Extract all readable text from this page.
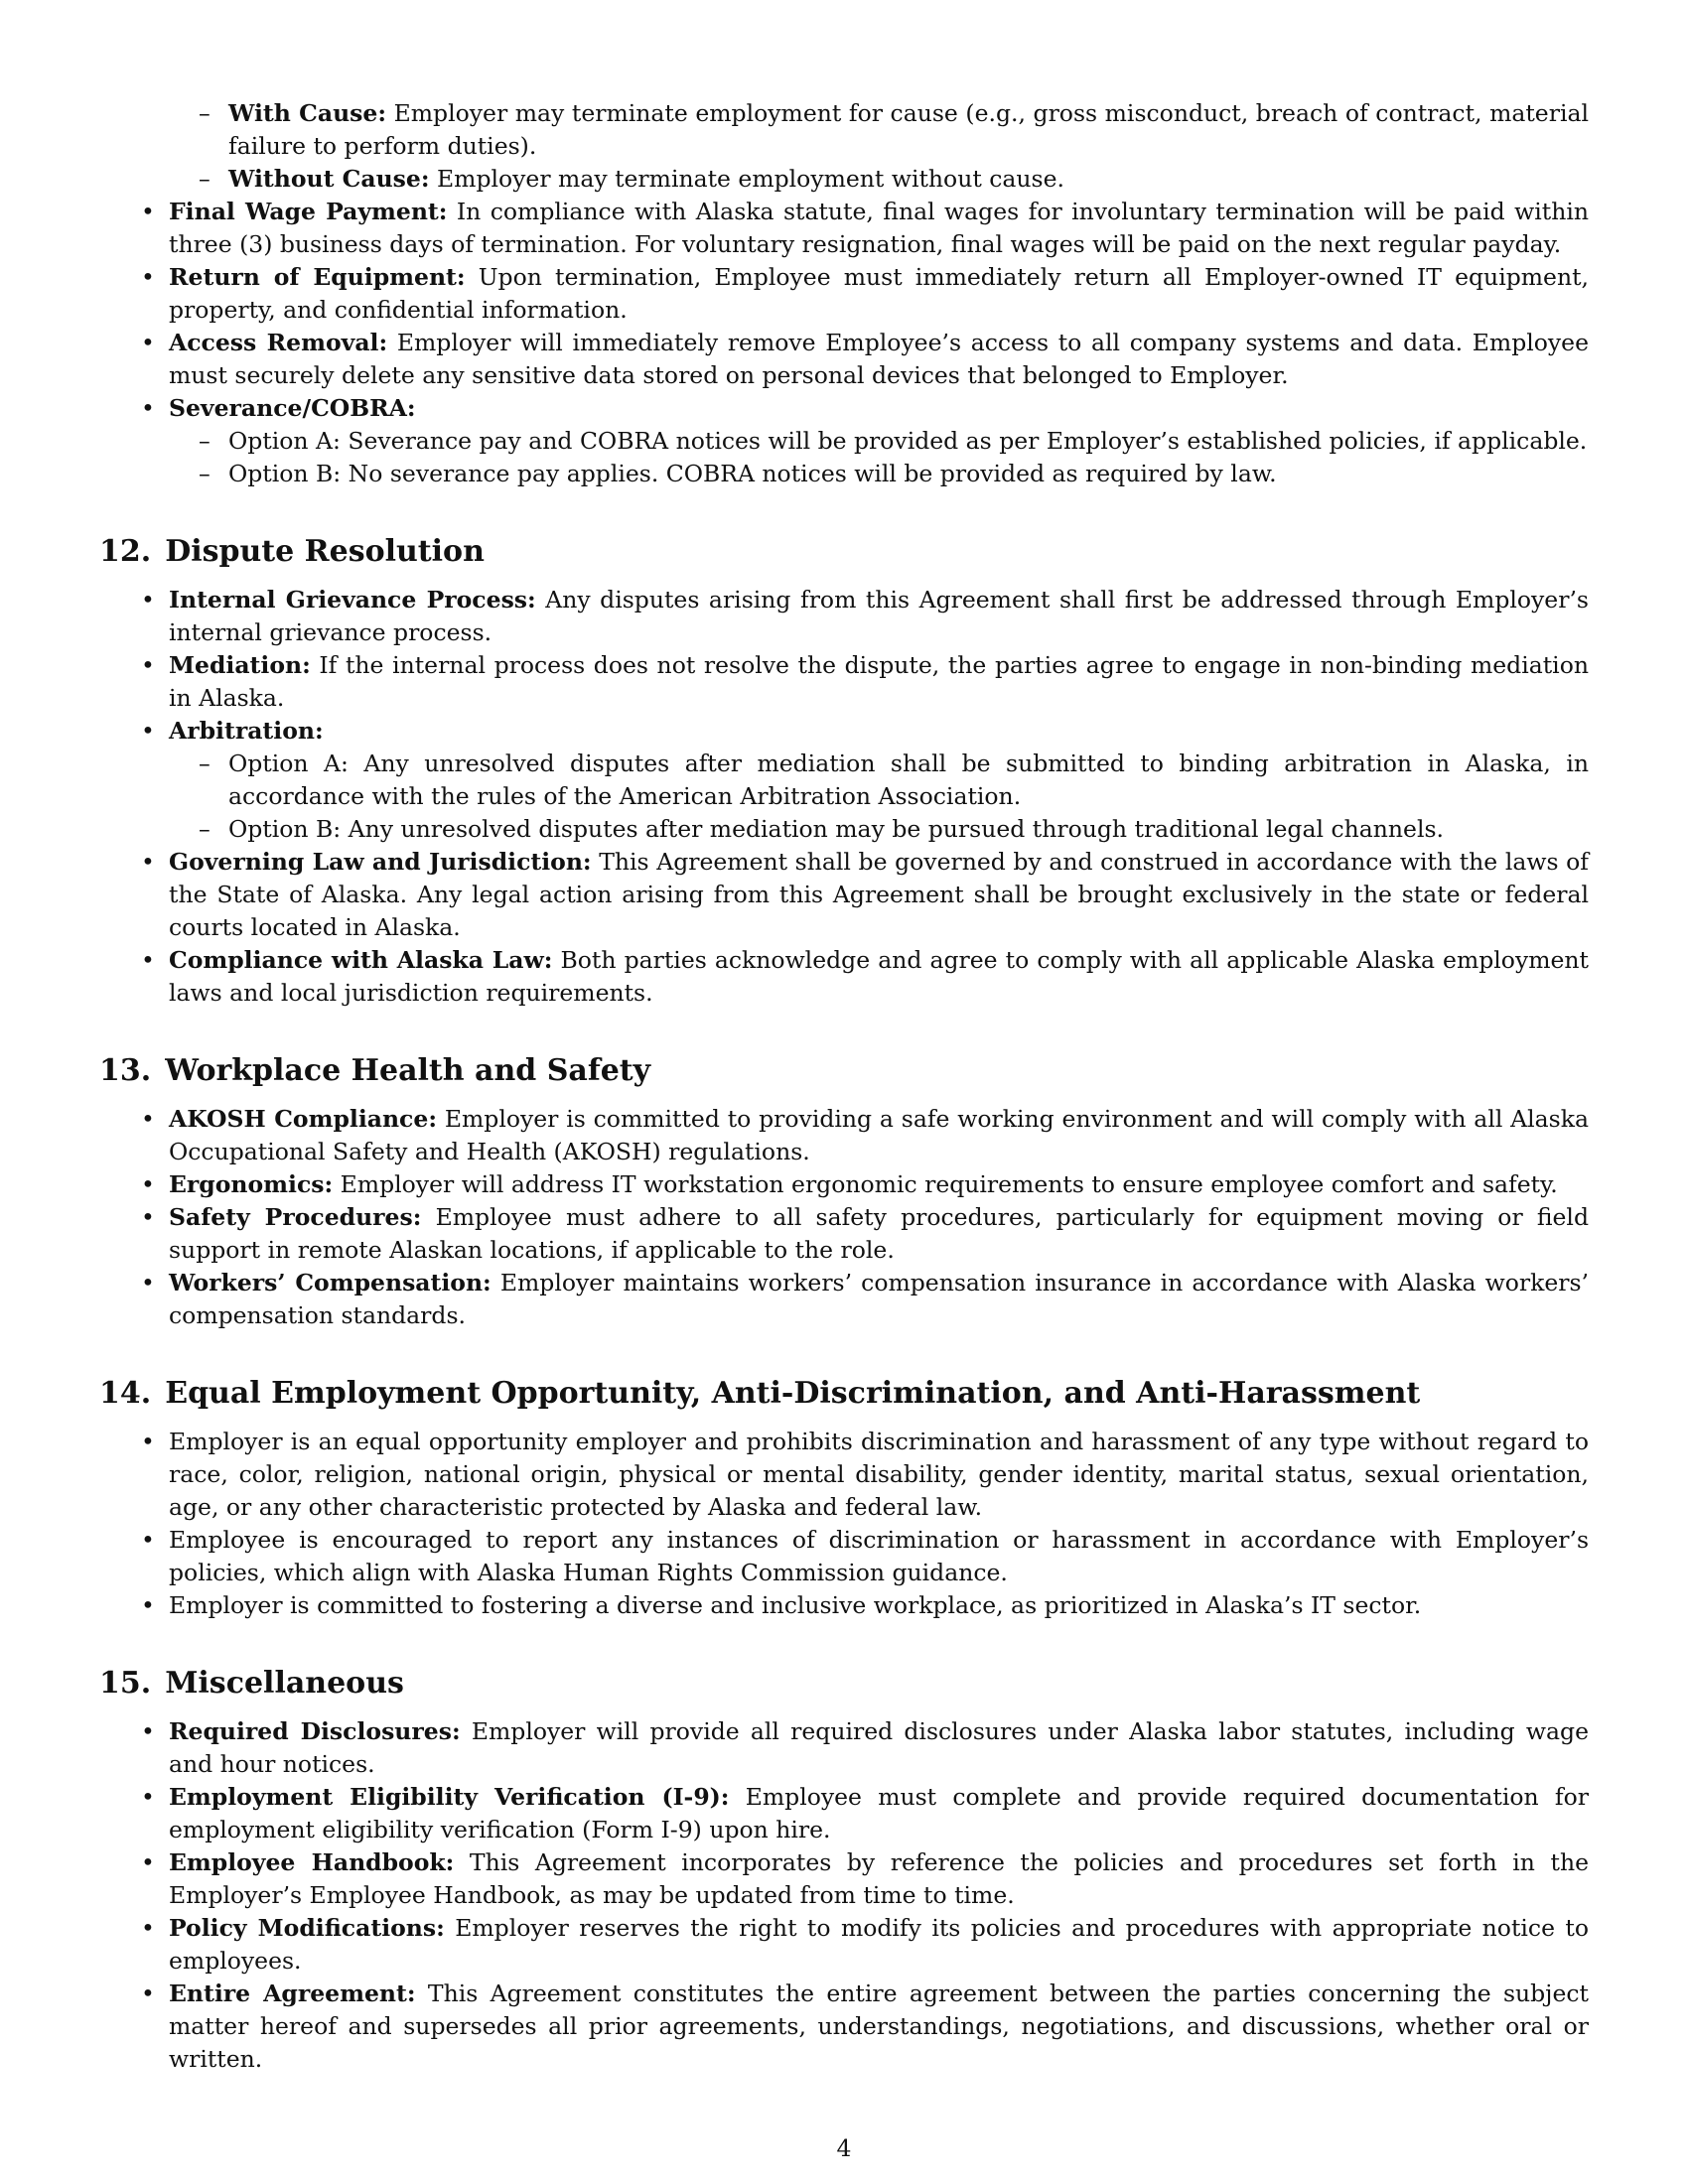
– With Cause: Employer may terminate employment for cause (e.g., gross misconduct, breach of contract, material failure to perform duties).
– Without Cause: Employer may terminate employment without cause.
• Final Wage Payment: In compliance with Alaska statute, final wages for involuntary termination will be paid within three (3) business days of termination. For voluntary resignation, final wages will be paid on the next regular payday.
• Return of Equipment: Upon termination, Employee must immediately return all Employer-owned IT equipment, property, and confidential information.
• Access Removal: Employer will immediately remove Employee’s access to all company systems and data. Employee must securely delete any sensitive data stored on personal devices that belonged to Employer.
• Severance/COBRA:
– Option A: Severance pay and COBRA notices will be provided as per Employer’s established policies, if applicable.
– Option B: No severance pay applies. COBRA notices will be provided as required by law.
12. Dispute Resolution
• Internal Grievance Process: Any disputes arising from this Agreement shall first be addressed through Employer’s internal grievance process.
• Mediation: If the internal process does not resolve the dispute, the parties agree to engage in non-binding mediation in Alaska.
• Arbitration:
– Option A: Any unresolved disputes after mediation shall be submitted to binding arbitration in Alaska, in accordance with the rules of the American Arbitration Association.
– Option B: Any unresolved disputes after mediation may be pursued through traditional legal channels.
• Governing Law and Jurisdiction: This Agreement shall be governed by and construed in accordance with the laws of the State of Alaska. Any legal action arising from this Agreement shall be brought exclusively in the state or federal courts located in Alaska.
• Compliance with Alaska Law: Both parties acknowledge and agree to comply with all applicable Alaska employment laws and local jurisdiction requirements.
13. Workplace Health and Safety
• AKOSH Compliance: Employer is committed to providing a safe working environment and will comply with all Alaska Occupational Safety and Health (AKOSH) regulations.
• Ergonomics: Employer will address IT workstation ergonomic requirements to ensure employee comfort and safety.
• Safety Procedures: Employee must adhere to all safety procedures, particularly for equipment moving or field support in remote Alaskan locations, if applicable to the role.
• Workers’ Compensation: Employer maintains workers’ compensation insurance in accordance with Alaska workers’ compensation standards.
14. Equal Employment Opportunity, Anti-Discrimination, and Anti-Harassment
• Employer is an equal opportunity employer and prohibits discrimination and harassment of any type without regard to race, color, religion, national origin, physical or mental disability, gender identity, marital status, sexual orientation, age, or any other characteristic protected by Alaska and federal law.
• Employee is encouraged to report any instances of discrimination or harassment in accordance with Employer’s policies, which align with Alaska Human Rights Commission guidance.
• Employer is committed to fostering a diverse and inclusive workplace, as prioritized in Alaska’s IT sector.
15. Miscellaneous
• Required Disclosures: Employer will provide all required disclosures under Alaska labor statutes, including wage and hour notices.
• Employment Eligibility Verification (I-9): Employee must complete and provide required documentation for employment eligibility verification (Form I-9) upon hire.
• Employee Handbook: This Agreement incorporates by reference the policies and procedures set forth in the Employer’s Employee Handbook, as may be updated from time to time.
• Policy Modifications: Employer reserves the right to modify its policies and procedures with appropriate notice to employees.
• Entire Agreement: This Agreement constitutes the entire agreement between the parties concerning the subject matter hereof and supersedes all prior agreements, understandings, negotiations, and discussions, whether oral or written.
4
